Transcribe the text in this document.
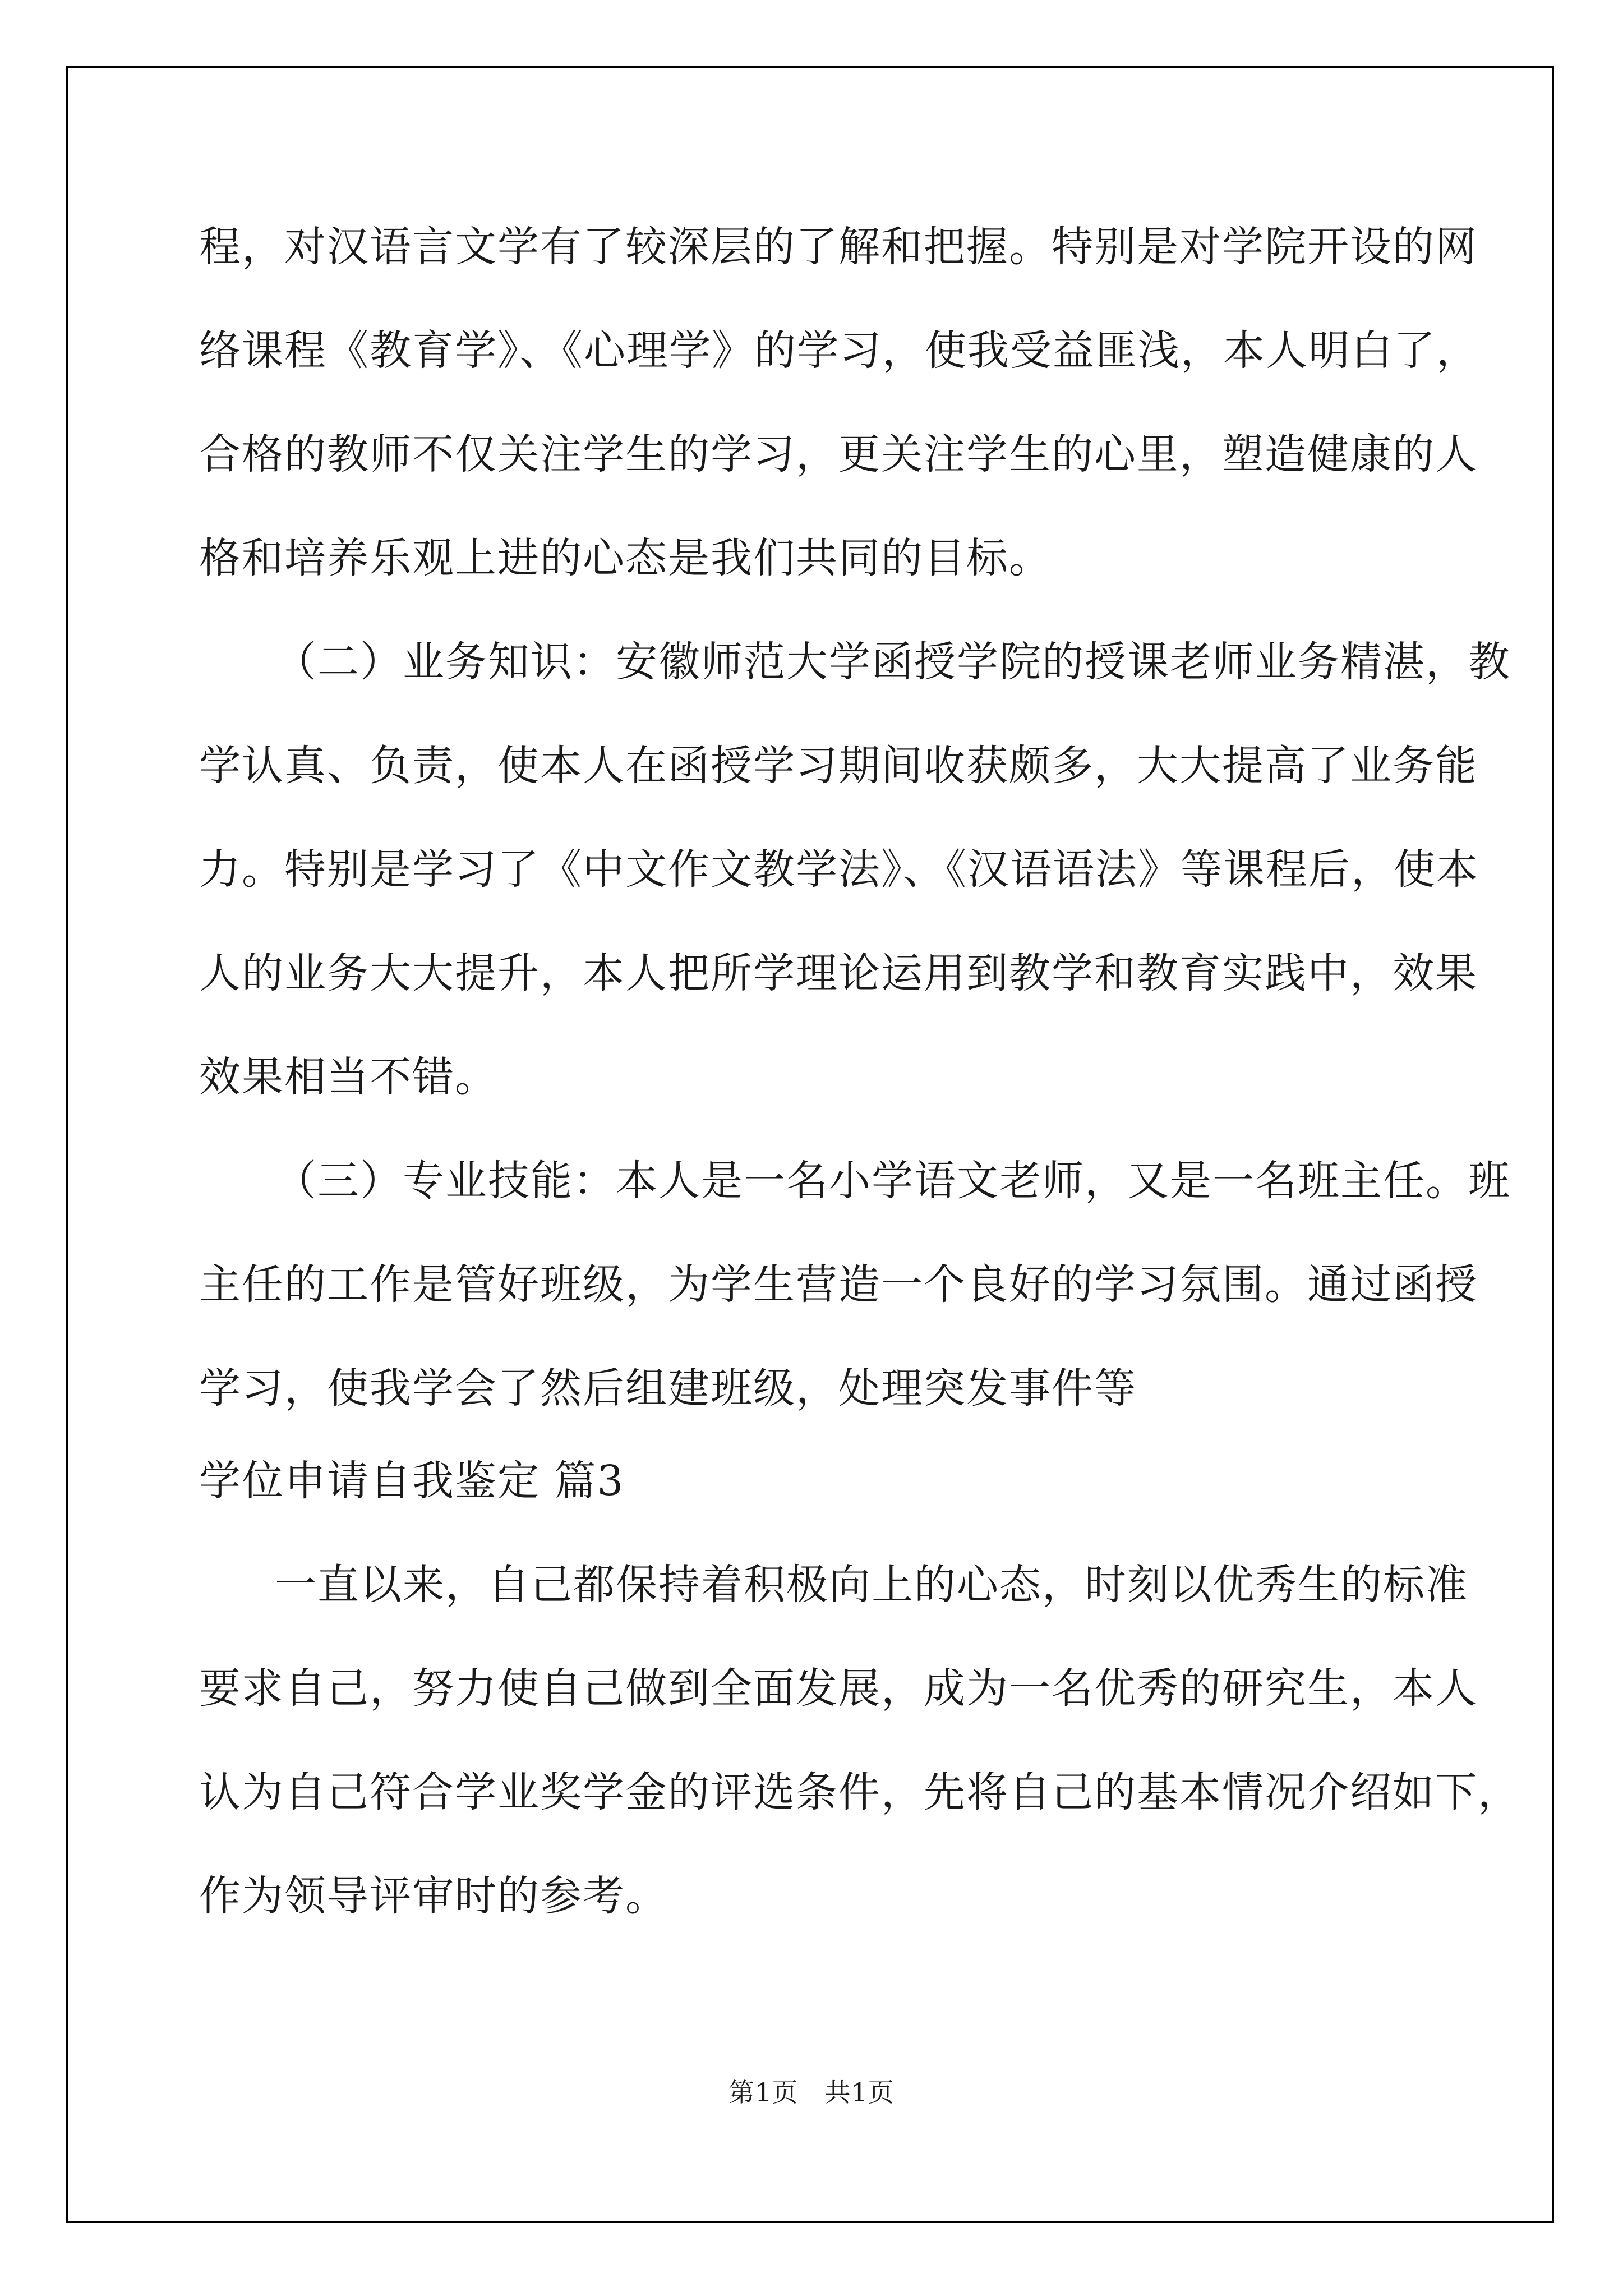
程，对汉语言文学有了较深层的了解和把握。特别是对学院开设的网
络课程《教育学》、《心理学》的学习，使我受益匪浅，本人明白了，
合格的教师不仅关注学生的学习，更关注学生的心里，塑造健康的人
格和培养乐观上进的心态是我们共同的目标。
（二）业务知识：安徽师范大学函授学院的授课老师业务精湛，教
学认真、负责，使本人在函授学习期间收获颇多，大大提高了业务能
力。特别是学习了《中文作文教学法》、《汉语语法》等课程后，使本
人的业务大大提升，本人把所学理论运用到教学和教育实践中，效果
效果相当不错。
（三）专业技能：本人是一名小学语文老师，又是一名班主任。班
主任的工作是管好班级，为学生营造一个良好的学习氛围。通过函授
学习，使我学会了然后组建班级，处理突发事件等
学位申请自我鉴定 篇3
一直以来，自己都保持着积极向上的心态，时刻以优秀生的标准
要求自己，努力使自己做到全面发展，成为一名优秀的研究生，本人
认为自己符合学业奖学金的评选条件，先将自己的基本情况介绍如下，
作为领导评审时的参考。
第1页　共1页
